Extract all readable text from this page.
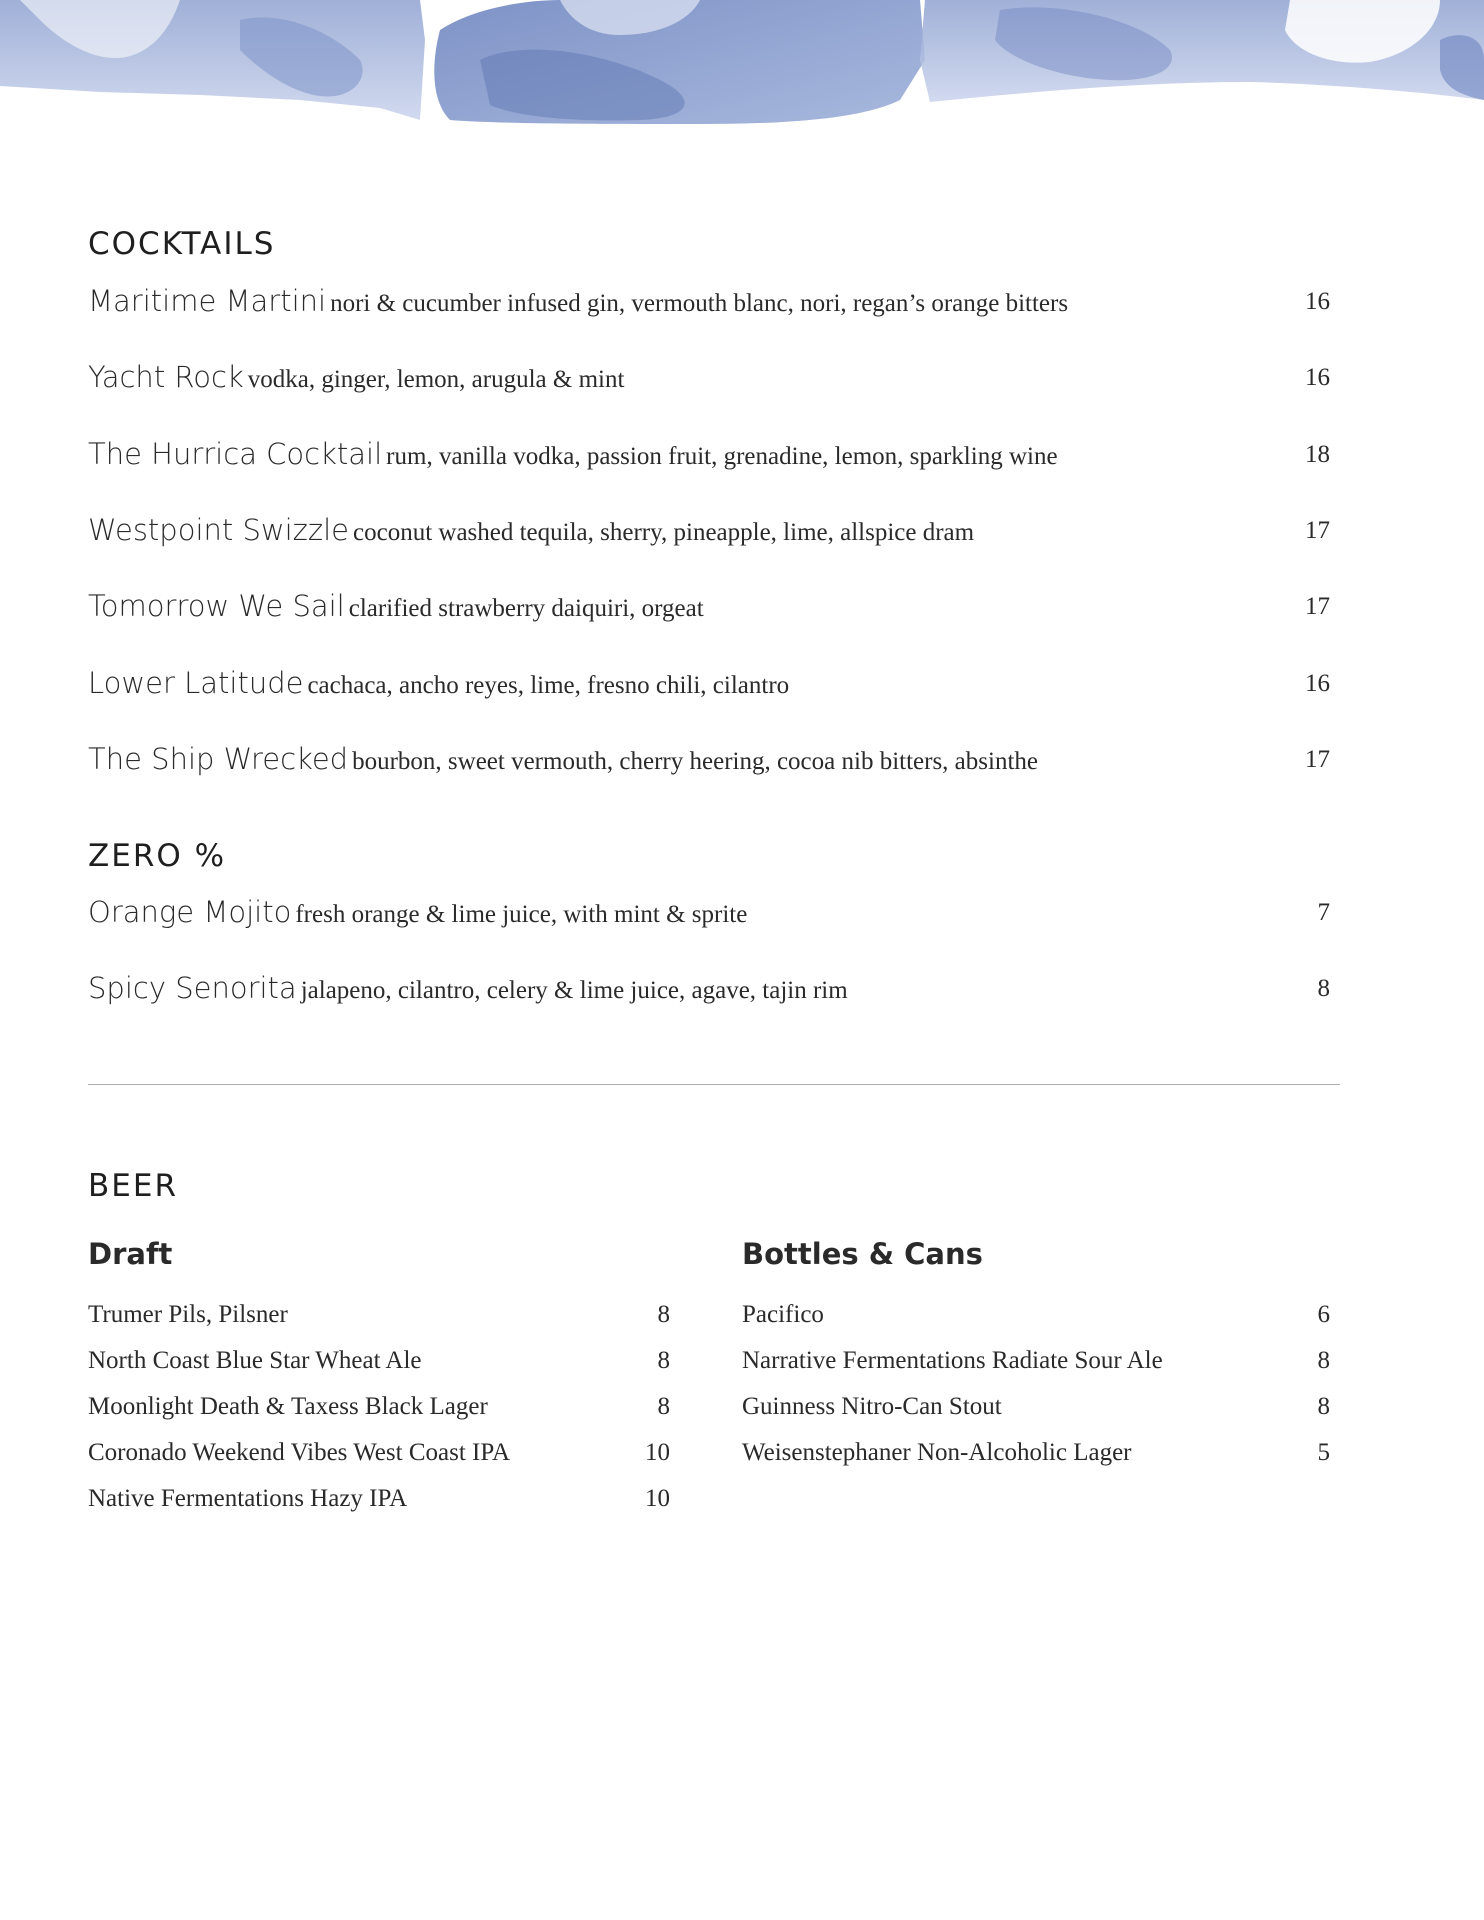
COCKTAILS
Maritime Martini nori & cucumber infused gin, vermouth blanc, nori, regan’s orange bitters	16
Yacht Rock vodka, ginger, lemon, arugula & mint	16
The Hurrica Cocktail rum, vanilla vodka, passion fruit, grenadine, lemon, sparkling wine	18
Westpoint Swizzle coconut washed tequila, sherry, pineapple, lime, allspice dram	17
Tomorrow We Sail clarified strawberry daiquiri, orgeat	17
Lower Latitude cachaca, ancho reyes, lime, fresno chili, cilantro	16
The Ship Wrecked bourbon, sweet vermouth, cherry heering, cocoa nib bitters, absinthe	17
ZERO %
Orange Mojito fresh orange & lime juice, with mint & sprite	7
Spicy Senorita jalapeno, cilantro, celery & lime juice, agave, tajin rim	8
BEER
Draft	Bottles & Cans
Trumer Pils, Pilsner	8
North Coast Blue Star Wheat Ale	8
Moonlight Death & Taxess Black Lager	8
Coronado Weekend Vibes West Coast IPA	10
Native Fermentations Hazy IPA	10
Pacifico	6
Narrative Fermentations Radiate Sour Ale	8
Guinness Nitro-Can Stout	8
Weisenstephaner Non-Alcoholic Lager	5
